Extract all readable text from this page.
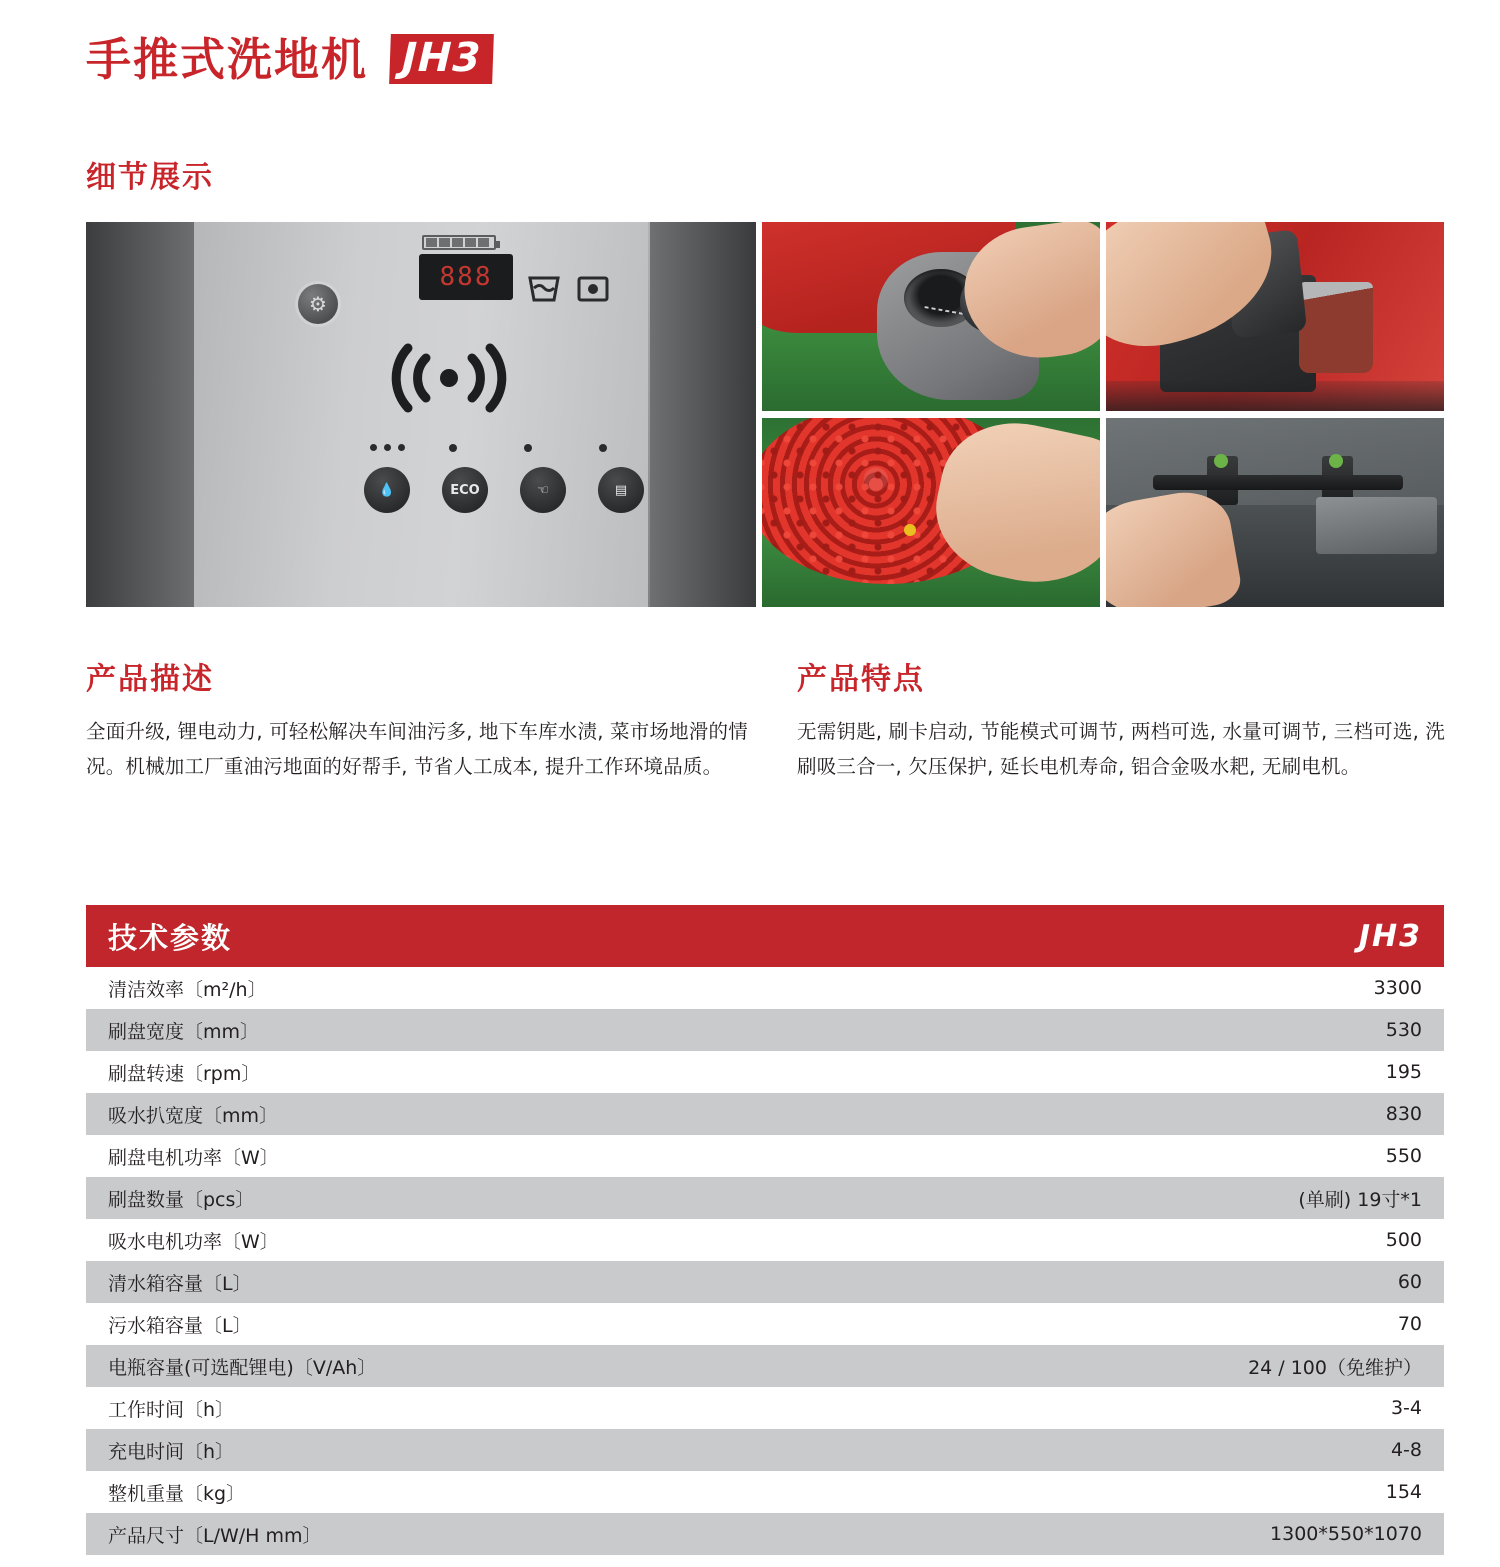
手推式洗地机 JH3
细节展示
888
⚙
💧	ECO	☜	▤
产品描述
全面升级, 锂电动力, 可轻松解决车间油污多, 地下车库水渍, 菜市场地滑的情况。机械加工厂重油污地面的好帮手, 节省人工成本, 提升工作环境品质。
产品特点
无需钥匙, 刷卡启动, 节能模式可调节, 两档可选, 水量可调节, 三档可选, 洗刷吸三合一, 欠压保护, 延长电机寿命, 铝合金吸水耙, 无刷电机。
技术参数	JH3
清洁效率〔m²/h〕	3300
刷盘宽度〔mm〕	530
刷盘转速〔rpm〕	195
吸水扒宽度〔mm〕	830
刷盘电机功率〔W〕	550
刷盘数量〔pcs〕	(单刷) 19寸*1
吸水电机功率〔W〕	500
清水箱容量〔L〕	60
污水箱容量〔L〕	70
电瓶容量(可选配锂电)〔V/Ah〕	24 / 100（免维护）
工作时间〔h〕	3-4
充电时间〔h〕	4-8
整机重量〔kg〕	154
产品尺寸〔L/W/H mm〕	1300*550*1070
